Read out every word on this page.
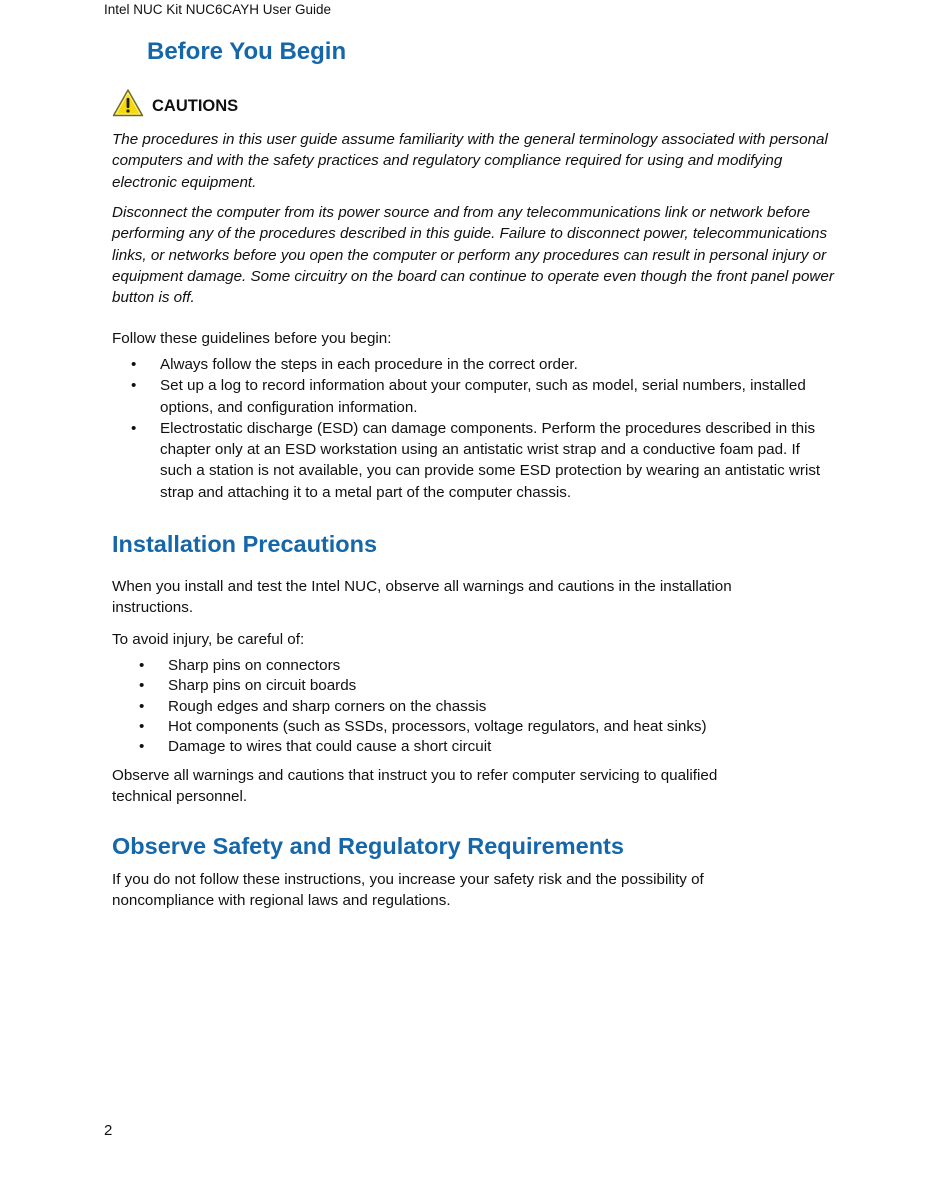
Intel NUC Kit NUC6CAYH User Guide
Before You Begin
CAUTIONS

The procedures in this user guide assume familiarity with the general terminology associated with personal computers and with the safety practices and regulatory compliance required for using and modifying electronic equipment.

Disconnect the computer from its power source and from any telecommunications link or network before performing any of the procedures described in this guide. Failure to disconnect power, telecommunications links, or networks before you open the computer or perform any procedures can result in personal injury or equipment damage. Some circuitry on the board can continue to operate even though the front panel power button is off.

Follow these guidelines before you begin:

• Always follow the steps in each procedure in the correct order.
• Set up a log to record information about your computer, such as model, serial numbers, installed options, and configuration information.
• Electrostatic discharge (ESD) can damage components. Perform the procedures described in this chapter only at an ESD workstation using an antistatic wrist strap and a conductive foam pad. If such a station is not available, you can provide some ESD protection by wearing an antistatic wrist strap and attaching it to a metal part of the computer chassis.
Installation Precautions

When you install and test the Intel NUC, observe all warnings and cautions in the installation instructions.

To avoid injury, be careful of:

• Sharp pins on connectors
• Sharp pins on circuit boards
• Rough edges and sharp corners on the chassis
• Hot components (such as SSDs, processors, voltage regulators, and heat sinks)
• Damage to wires that could cause a short circuit

Observe all warnings and cautions that instruct you to refer computer servicing to qualified technical personnel.

Observe Safety and Regulatory Requirements

If you do not follow these instructions, you increase your safety risk and the possibility of noncompliance with regional laws and regulations.

2
